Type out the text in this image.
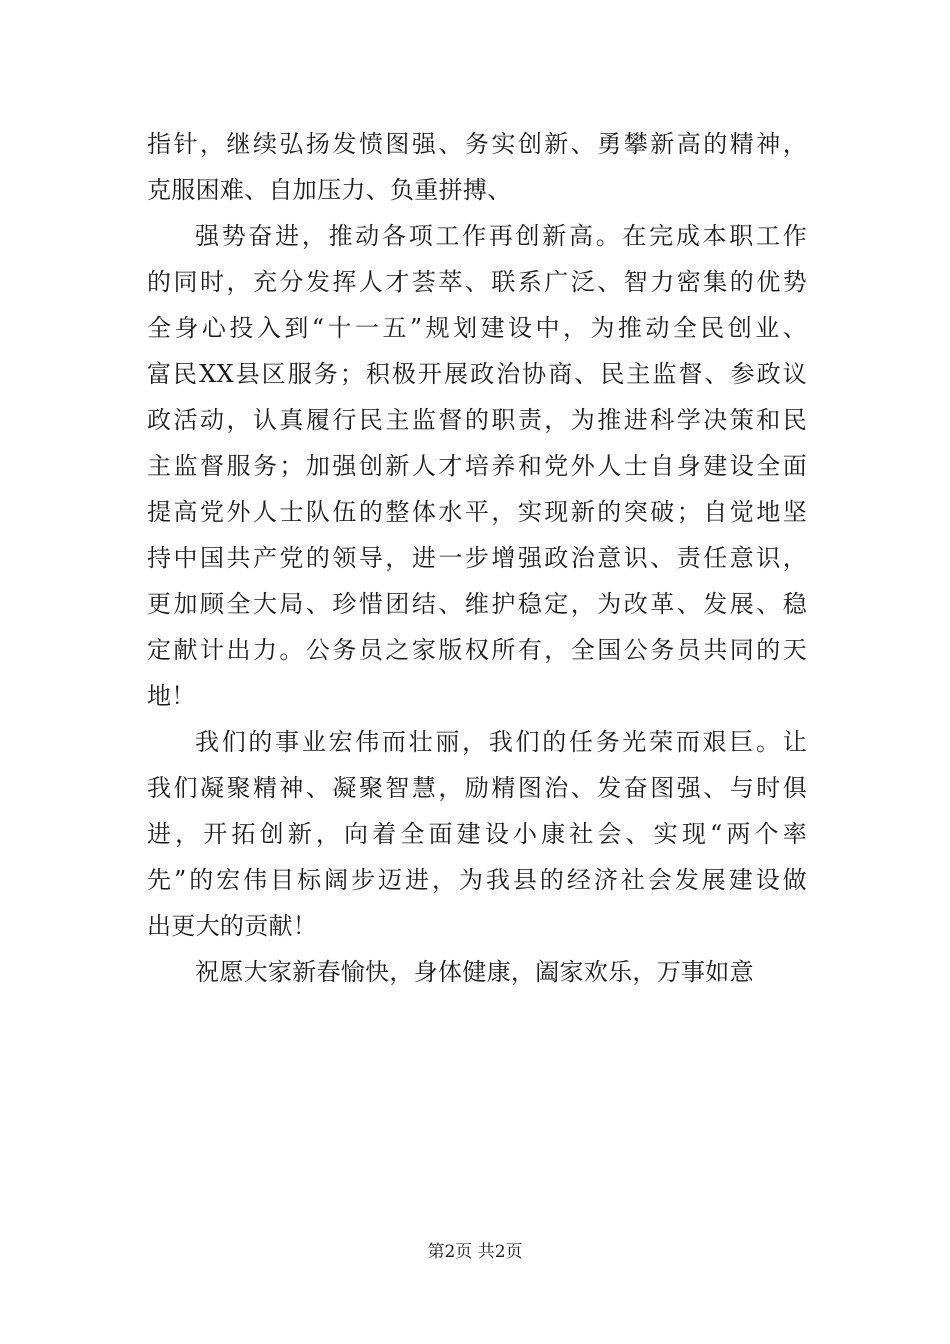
指针，继续弘扬发愤图强、务实创新、勇攀新高的精神，
克服困难、自加压力、负重拼搏、
强势奋进，推动各项工作再创新高。在完成本职工作
的同时，充分发挥人才荟萃、联系广泛、智力密集的优势
全身心投入到“十一五”规划建设中，为推动全民创业、
富民XX县区服务；积极开展政治协商、民主监督、参政议
政活动，认真履行民主监督的职责，为推进科学决策和民
主监督服务；加强创新人才培养和党外人士自身建设全面
提高党外人士队伍的整体水平，实现新的突破；自觉地坚
持中国共产党的领导，进一步增强政治意识、责任意识，
更加顾全大局、珍惜团结、维护稳定，为改革、发展、稳
定献计出力。公务员之家版权所有，全国公务员共同的天
地！
我们的事业宏伟而壮丽，我们的任务光荣而艰巨。让
我们凝聚精神、凝聚智慧，励精图治、发奋图强、与时俱
进，开拓创新，向着全面建设小康社会、实现“两个率
先”的宏伟目标阔步迈进，为我县的经济社会发展建设做
出更大的贡献！
祝愿大家新春愉快，身体健康，阖家欢乐，万事如意
第2页 共2页
